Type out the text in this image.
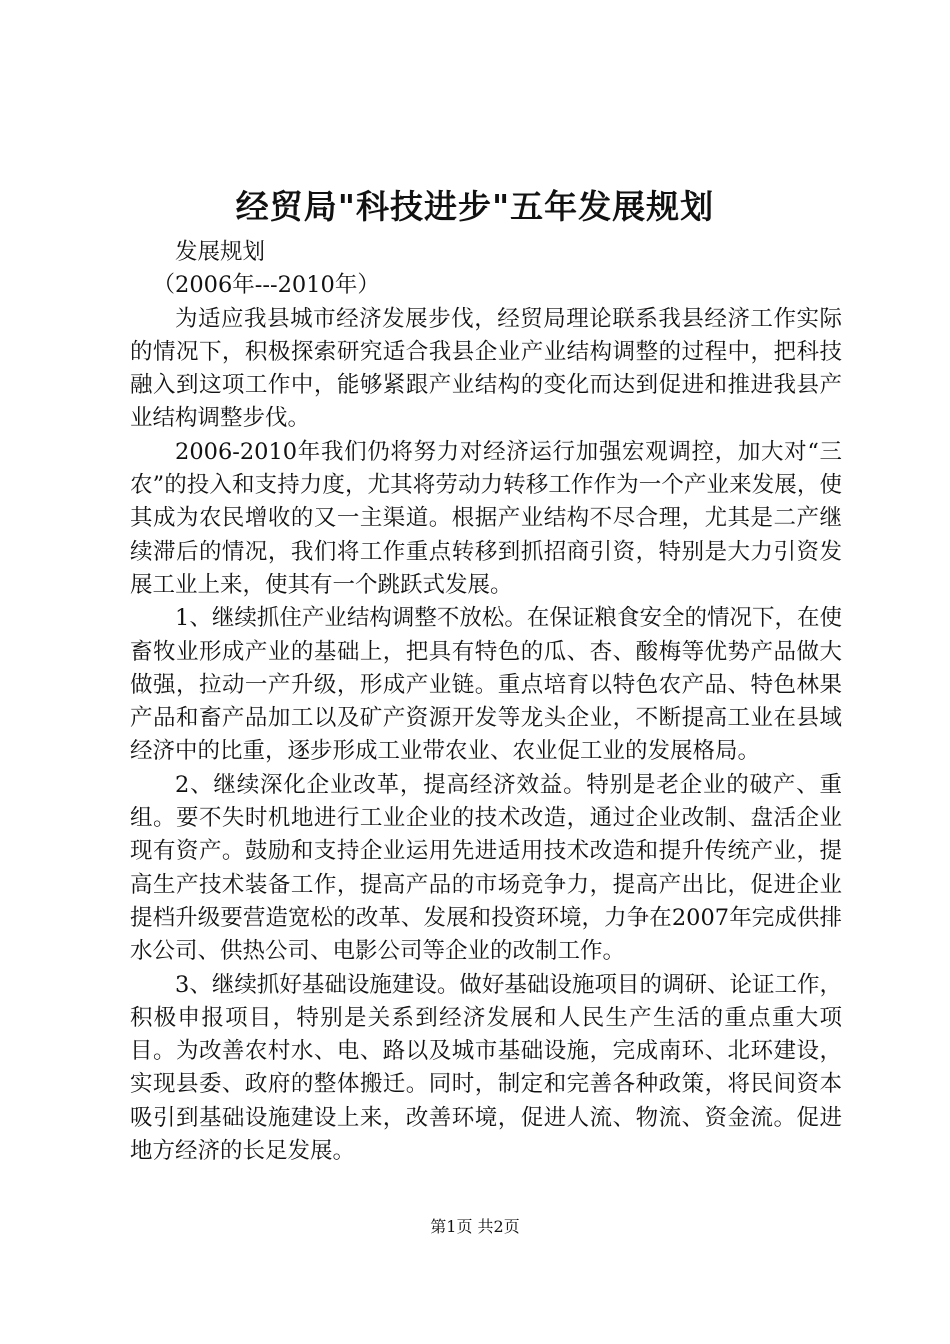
经贸局"科技进步"五年发展规划

发展规划

（2006年---2010年）

为适应我县城市经济发展步伐，经贸局理论联系我县经济工作实际的情况下，积极探索研究适合我县企业产业结构调整的过程中，把科技融入到这项工作中，能够紧跟产业结构的变化而达到促进和推进我县产业结构调整步伐。

2006-2010年我们仍将努力对经济运行加强宏观调控，加大对“三农”的投入和支持力度，尤其将劳动力转移工作作为一个产业来发展，使其成为农民增收的又一主渠道。根据产业结构不尽合理，尤其是二产继续滞后的情况，我们将工作重点转移到抓招商引资，特别是大力引资发展工业上来，使其有一个跳跃式发展。

1、继续抓住产业结构调整不放松。在保证粮食安全的情况下，在使畜牧业形成产业的基础上，把具有特色的瓜、杏、酸梅等优势产品做大做强，拉动一产升级，形成产业链。重点培育以特色农产品、特色林果产品和畜产品加工以及矿产资源开发等龙头企业，不断提高工业在县域经济中的比重，逐步形成工业带农业、农业促工业的发展格局。

2、继续深化企业改革，提高经济效益。特别是老企业的破产、重组。要不失时机地进行工业企业的技术改造，通过企业改制、盘活企业现有资产。鼓励和支持企业运用先进适用技术改造和提升传统产业，提高生产技术装备工作，提高产品的市场竞争力，提高产出比，促进企业提档升级要营造宽松的改革、发展和投资环境，力争在2007年完成供排水公司、供热公司、电影公司等企业的改制工作。

3、继续抓好基础设施建设。做好基础设施项目的调研、论证工作，积极申报项目，特别是关系到经济发展和人民生产生活的重点重大项目。为改善农村水、电、路以及城市基础设施，完成南环、北环建设，实现县委、政府的整体搬迁。同时，制定和完善各种政策，将民间资本吸引到基础设施建设上来，改善环境，促进人流、物流、资金流。促进地方经济的长足发展。

第1页 共2页
